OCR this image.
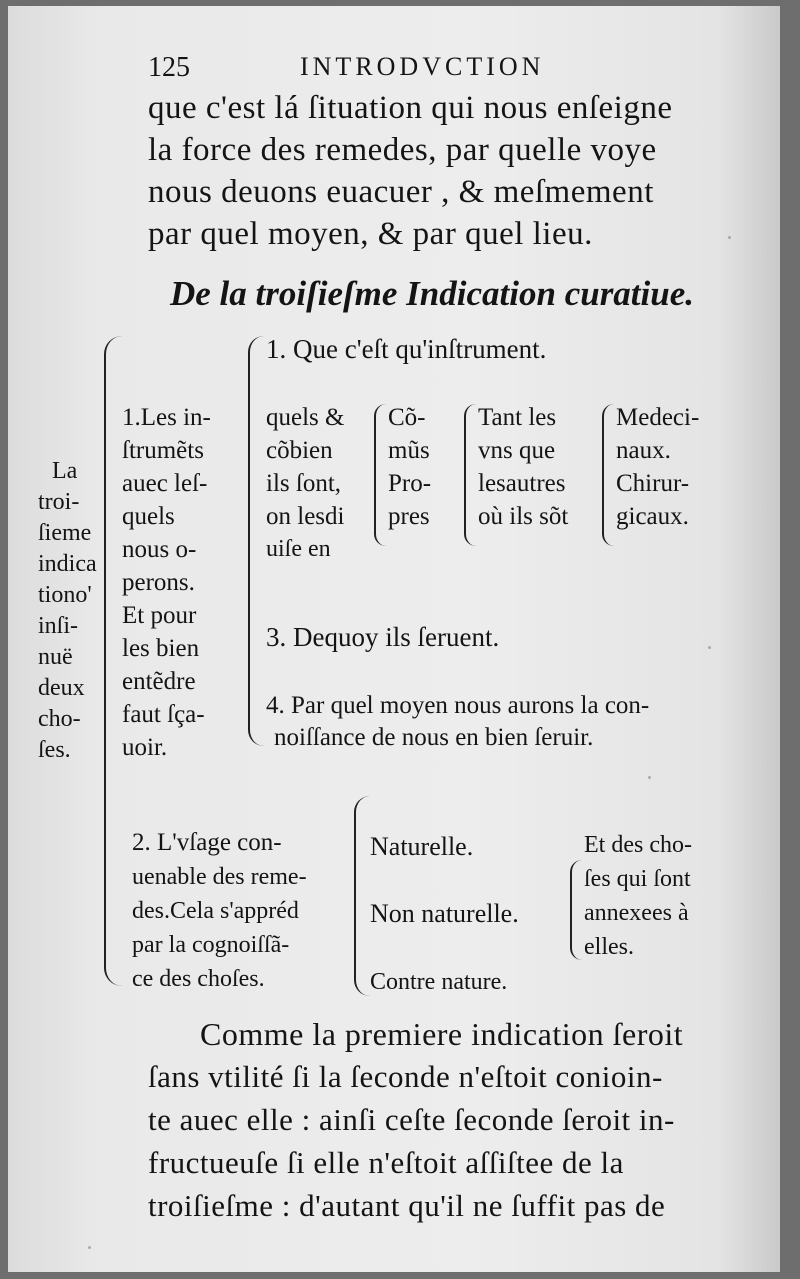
125	INTRODVCTION
que c'est lá ſituation qui nous enſeigne
la force des remedes, par quelle voye
nous deuons euacuer , & meſmement
par quel moyen, & par quel lieu.
De la troiſieſme Indication curatiue.
La
troi-
ſieme
indica
tiono'
inſi-
nuë
deux
cho-
ſes.
1.Les in-
ſtrumẽts
auec leſ-
quels
nous o-
perons.
Et pour
les bien
entẽdre
faut ſça-
uoir.
1. Que c'eſt qu'inſtrument.
quels &
cõbien
ils ſont,
on lesdi
uiſe en
Cõ-
mũs
Pro-
pres
Tant les
vns que
lesautres
où ils sõt
Medeci-
naux.
Chirur-
gicaux.
3. Dequoy ils ſeruent.
4. Par quel moyen nous aurons la con-
noiſſance de nous en bien ſeruir.
2. L'vſage con-
uenable des reme-
des.Cela s'appréd
par la cognoiſſã-
ce des choſes.
Naturelle.
Non naturelle.
Contre nature.
Et des cho-
ſes qui ſont
annexees à
elles.
Comme la premiere indication ſeroit
ſans vtilité ſi la ſeconde n'eſtoit conioin-
te auec elle : ainſi ceſte ſeconde ſeroit in-
fructueuſe ſi elle n'eſtoit aſſiſtee de la
troiſieſme : d'autant qu'il ne ſuffit pas de
